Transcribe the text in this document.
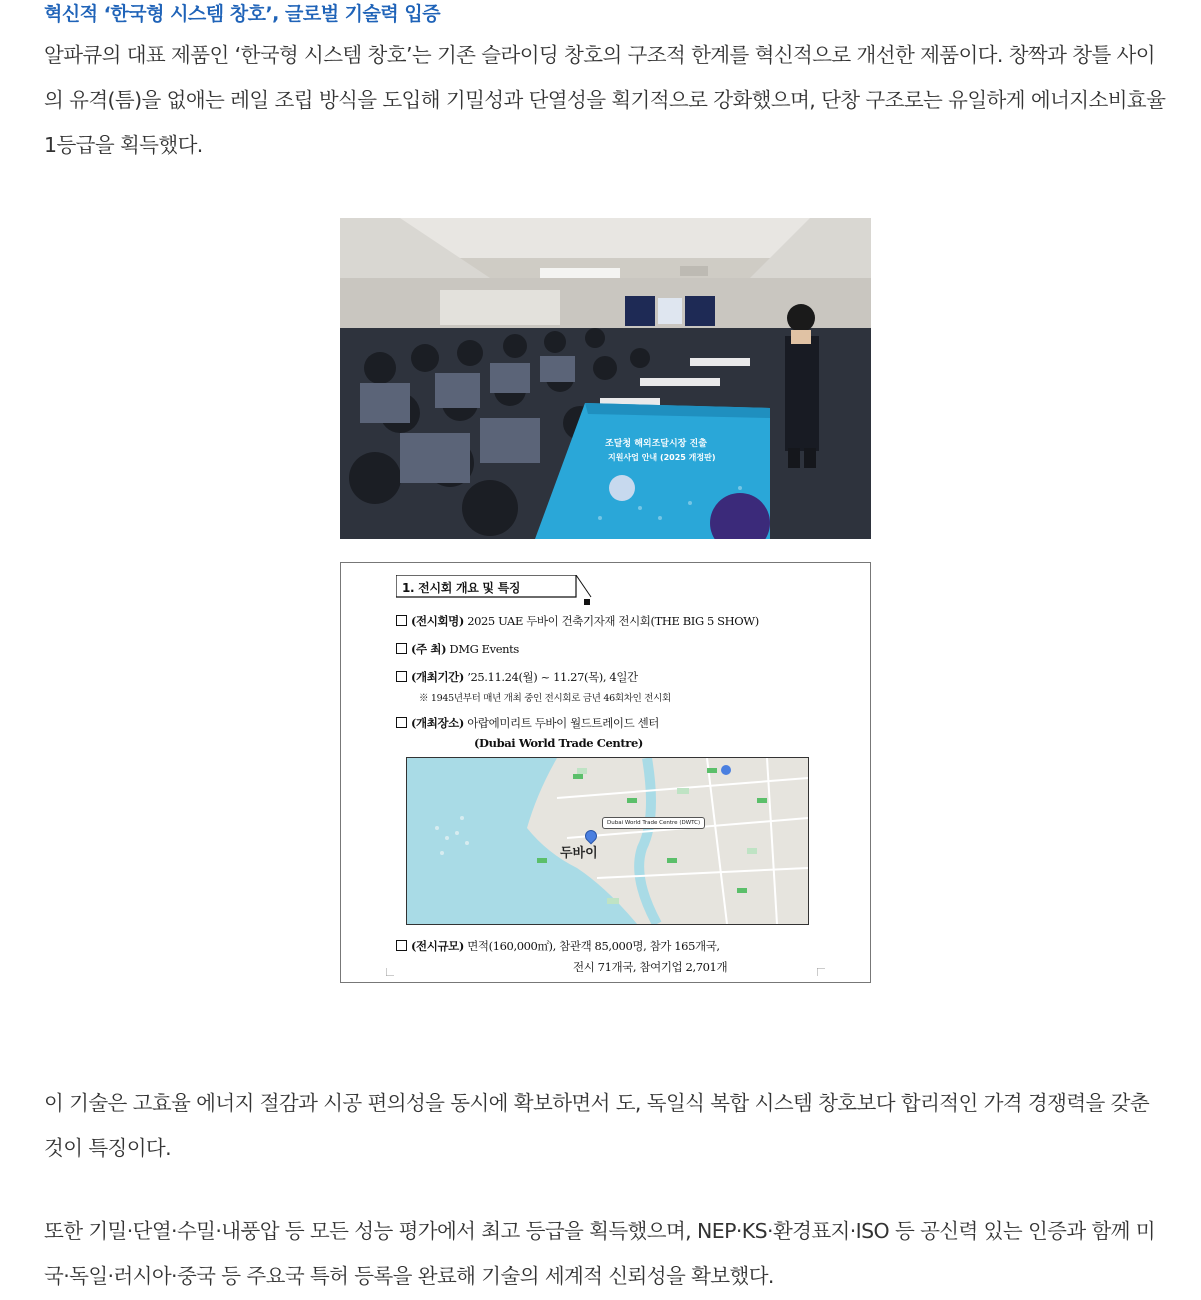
혁신적 ‘한국형 시스템 창호’, 글로벌 기술력 입증

알파큐의 대표 제품인 ‘한국형 시스템 창호’는 기존 슬라이딩 창호의 구조적 한계를 혁신적으로 개선한 제품이다. 창짝과 창틀 사이의 유격(틈)을 없애는 레일 조립 방식을 도입해 기밀성과 단열성을 획기적으로 강화했으며, 단창 구조로는 유일하게 에너지소비효율 1등급을 획득했다.

조달청 해외조달시장 진출
지원사업 안내 (2025 개정판)
1. 전시회 개요 및 특징
(전시회명) 2025 UAE 두바이 건축기자재 전시회(THE BIG 5 SHOW)
(주 최) DMG Events
(개최기간) ’25.11.24(월) ~ 11.27(목), 4일간
※ 1945년부터 매년 개최 중인 전시회로 금년 46회차인 전시회
(개최장소) 아랍에미리트 두바이 월드트레이드 센터
(Dubai World Trade Centre)
Dubai World Trade Centre (DWTC)
두바이
(전시규모) 면적(160,000㎡), 참관객 85,000명, 참가 165개국,
전시 71개국, 참여기업 2,701개

이 기술은 고효율 에너지 절감과 시공 편의성을 동시에 확보하면서 도, 독일식 복합 시스템 창호보다 합리적인 가격 경쟁력을 갖춘 것이 특징이다.

또한 기밀·단열·수밀·내풍압 등 모든 성능 평가에서 최고 등급을 획득했으며, NEP·KS·환경표지·ISO 등 공신력 있는 인증과 함께 미국·독일·러시아·중국 등 주요국 특허 등록을 완료해 기술의 세계적 신뢰성을 확보했다.
